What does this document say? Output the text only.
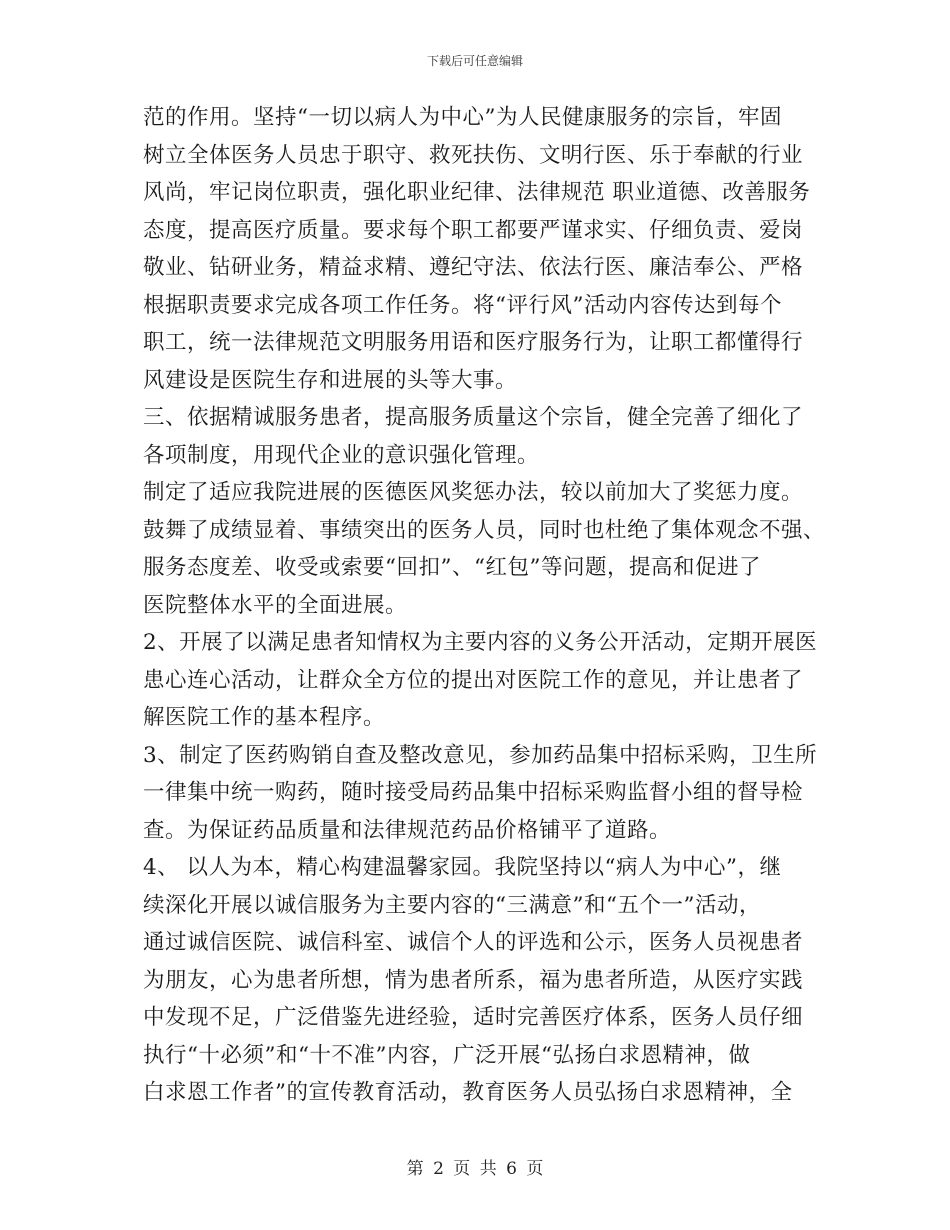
下载后可任意编辑
范的作用。坚持“一切以病人为中心”为人民健康服务的宗旨，牢固
树立全体医务人员忠于职守、救死扶伤、文明行医、乐于奉献的行业
风尚，牢记岗位职责，强化职业纪律、法律规范 职业道德、改善服务
态度，提高医疗质量。要求每个职工都要严谨求实、仔细负责、爱岗
敬业、钻研业务，精益求精、遵纪守法、依法行医、廉洁奉公、严格
根据职责要求完成各项工作任务。将“评行风”活动内容传达到每个
职工，统一法律规范文明服务用语和医疗服务行为，让职工都懂得行
风建设是医院生存和进展的头等大事。
三、依据精诚服务患者，提高服务质量这个宗旨，健全完善了细化了
各项制度，用现代企业的意识强化管理。
制定了适应我院进展的医德医风奖惩办法，较以前加大了奖惩力度。
鼓舞了成绩显着、事绩突出的医务人员，同时也杜绝了集体观念不强、
服务态度差、收受或索要“回扣”、“红包”等问题，提高和促进了
医院整体水平的全面进展。
2、开展了以满足患者知情权为主要内容的义务公开活动，定期开展医
患心连心活动，让群众全方位的提出对医院工作的意见，并让患者了
解医院工作的基本程序。
3、制定了医药购销自查及整改意见，参加药品集中招标采购，卫生所
一律集中统一购药，随时接受局药品集中招标采购监督小组的督导检
查。为保证药品质量和法律规范药品价格铺平了道路。
4、 以人为本，精心构建温馨家园。我院坚持以“病人为中心”，继
续深化开展以诚信服务为主要内容的“三满意”和“五个一”活动，
通过诚信医院、诚信科室、诚信个人的评选和公示，医务人员视患者
为朋友，心为患者所想，情为患者所系，福为患者所造，从医疗实践
中发现不足，广泛借鉴先进经验，适时完善医疗体系，医务人员仔细
执行“十必须”和“十不准”内容，广泛开展“弘扬白求恩精神，做
白求恩工作者”的宣传教育活动，教育医务人员弘扬白求恩精神，全
第 2 页 共 6 页
